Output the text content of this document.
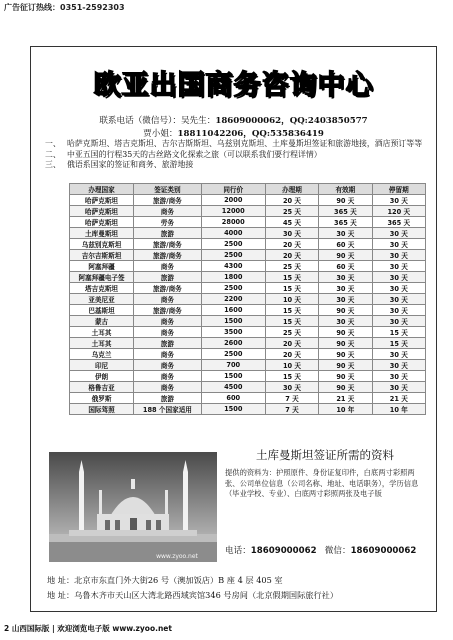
广告征订热线：0351-2592303
欧亚出国商务咨询中心
联系电话（微信号）：吴先生：18609000062，QQ:2403850577
贾小姐：18811042206，QQ:535836419
一、 哈萨克斯坦、塔吉克斯坦、吉尔吉斯斯坦、乌兹别克斯坦、土库曼斯坦签证和旅游地接，酒店预订等等
二、 中亚五国的行程35天的古丝路文化探索之旅（可以联系我们要行程详情）
三、 俄语系国家的签证和商务、旅游地接
办理国家	签证类别	同行价	办理期	有效期	停留期
哈萨克斯坦	旅游/商务	2000	20 天	90 天	30 天
哈萨克斯坦	商务	12000	25 天	365 天	120 天
哈萨克斯坦	劳务	28000	45 天	365 天	365 天
土库曼斯坦	旅游	4000	30 天	30 天	30 天
乌兹别克斯坦	旅游/商务	2500	20 天	60 天	30 天
吉尔吉斯斯坦	旅游/商务	2500	20 天	90 天	30 天
阿塞拜疆	商务	4300	25 天	60 天	30 天
阿塞拜疆电子签	旅游	1800	15 天	30 天	30 天
塔吉克斯坦	旅游/商务	2500	15 天	30 天	30 天
亚美尼亚	商务	2200	10 天	30 天	30 天
巴基斯坦	旅游/商务	1600	15 天	90 天	30 天
蒙古	商务	1500	15 天	30 天	30 天
土耳其	商务	3500	25 天	90 天	15 天
土耳其	旅游	2600	20 天	90 天	15 天
乌克兰	商务	2500	20 天	90 天	30 天
印尼	商务	700	10 天	90 天	30 天
伊朗	商务	1500	15 天	90 天	30 天
格鲁吉亚	商务	4500	30 天	90 天	30 天
俄罗斯	旅游	600	7 天	21 天	21 天
国际驾照	188 个国家适用	1500	7 天	10 年	10 年
www.zyoo.net
土库曼斯坦签证所需的资料
提供的资料为：护照原件、身份证复印件，白底两寸彩照两张、公司单位信息（公司名称、地址、电话职务），学历信息（毕业学校、专业）、白底两寸彩照两张及电子版
电话：18609000062 微信：18609000062
地 址：北京市东直门外大街26 号（澳加饭店）B 座 4 层 405 室
地 址：乌鲁木齐市天山区大湾北路西域宾馆346 号房间（北京假期国际旅行社）
2 山西国际版 | 欢迎浏览电子版 www.zyoo.net
